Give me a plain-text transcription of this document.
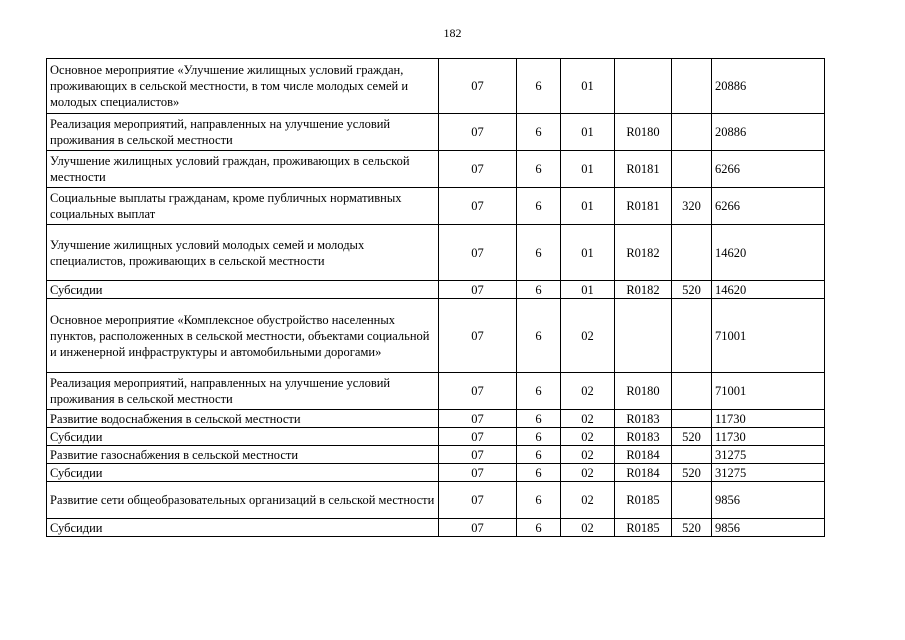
182
Основное мероприятие «Улучшение жилищных условий граждан, проживающих в сельской местности, в том числе молодых семей и молодых специалистов»	07	6	01			20886
Реализация мероприятий, направленных на улучшение условий проживания в сельской местности	07	6	01	R0180		20886
Улучшение жилищных условий граждан, проживающих в сельской местности	07	6	01	R0181		6266
Социальные выплаты гражданам, кроме публичных нормативных социальных выплат	07	6	01	R0181	320	6266
Улучшение жилищных условий молодых семей и молодых специалистов, проживающих в сельской местности	07	6	01	R0182		14620
Субсидии	07	6	01	R0182	520	14620
Основное мероприятие «Комплексное обустройство населенных пунктов, расположенных в сельской местности, объектами социальной и инженерной инфраструктуры и автомобильными дорогами»	07	6	02			71001
Реализация мероприятий, направленных на улучшение условий проживания в сельской местности	07	6	02	R0180		71001
Развитие водоснабжения в сельской местности	07	6	02	R0183		11730
Субсидии	07	6	02	R0183	520	11730
Развитие газоснабжения в сельской местности	07	6	02	R0184		31275
Субсидии	07	6	02	R0184	520	31275
Развитие сети общеобразовательных организаций в сельской местности	07	6	02	R0185		9856
Субсидии	07	6	02	R0185	520	9856
